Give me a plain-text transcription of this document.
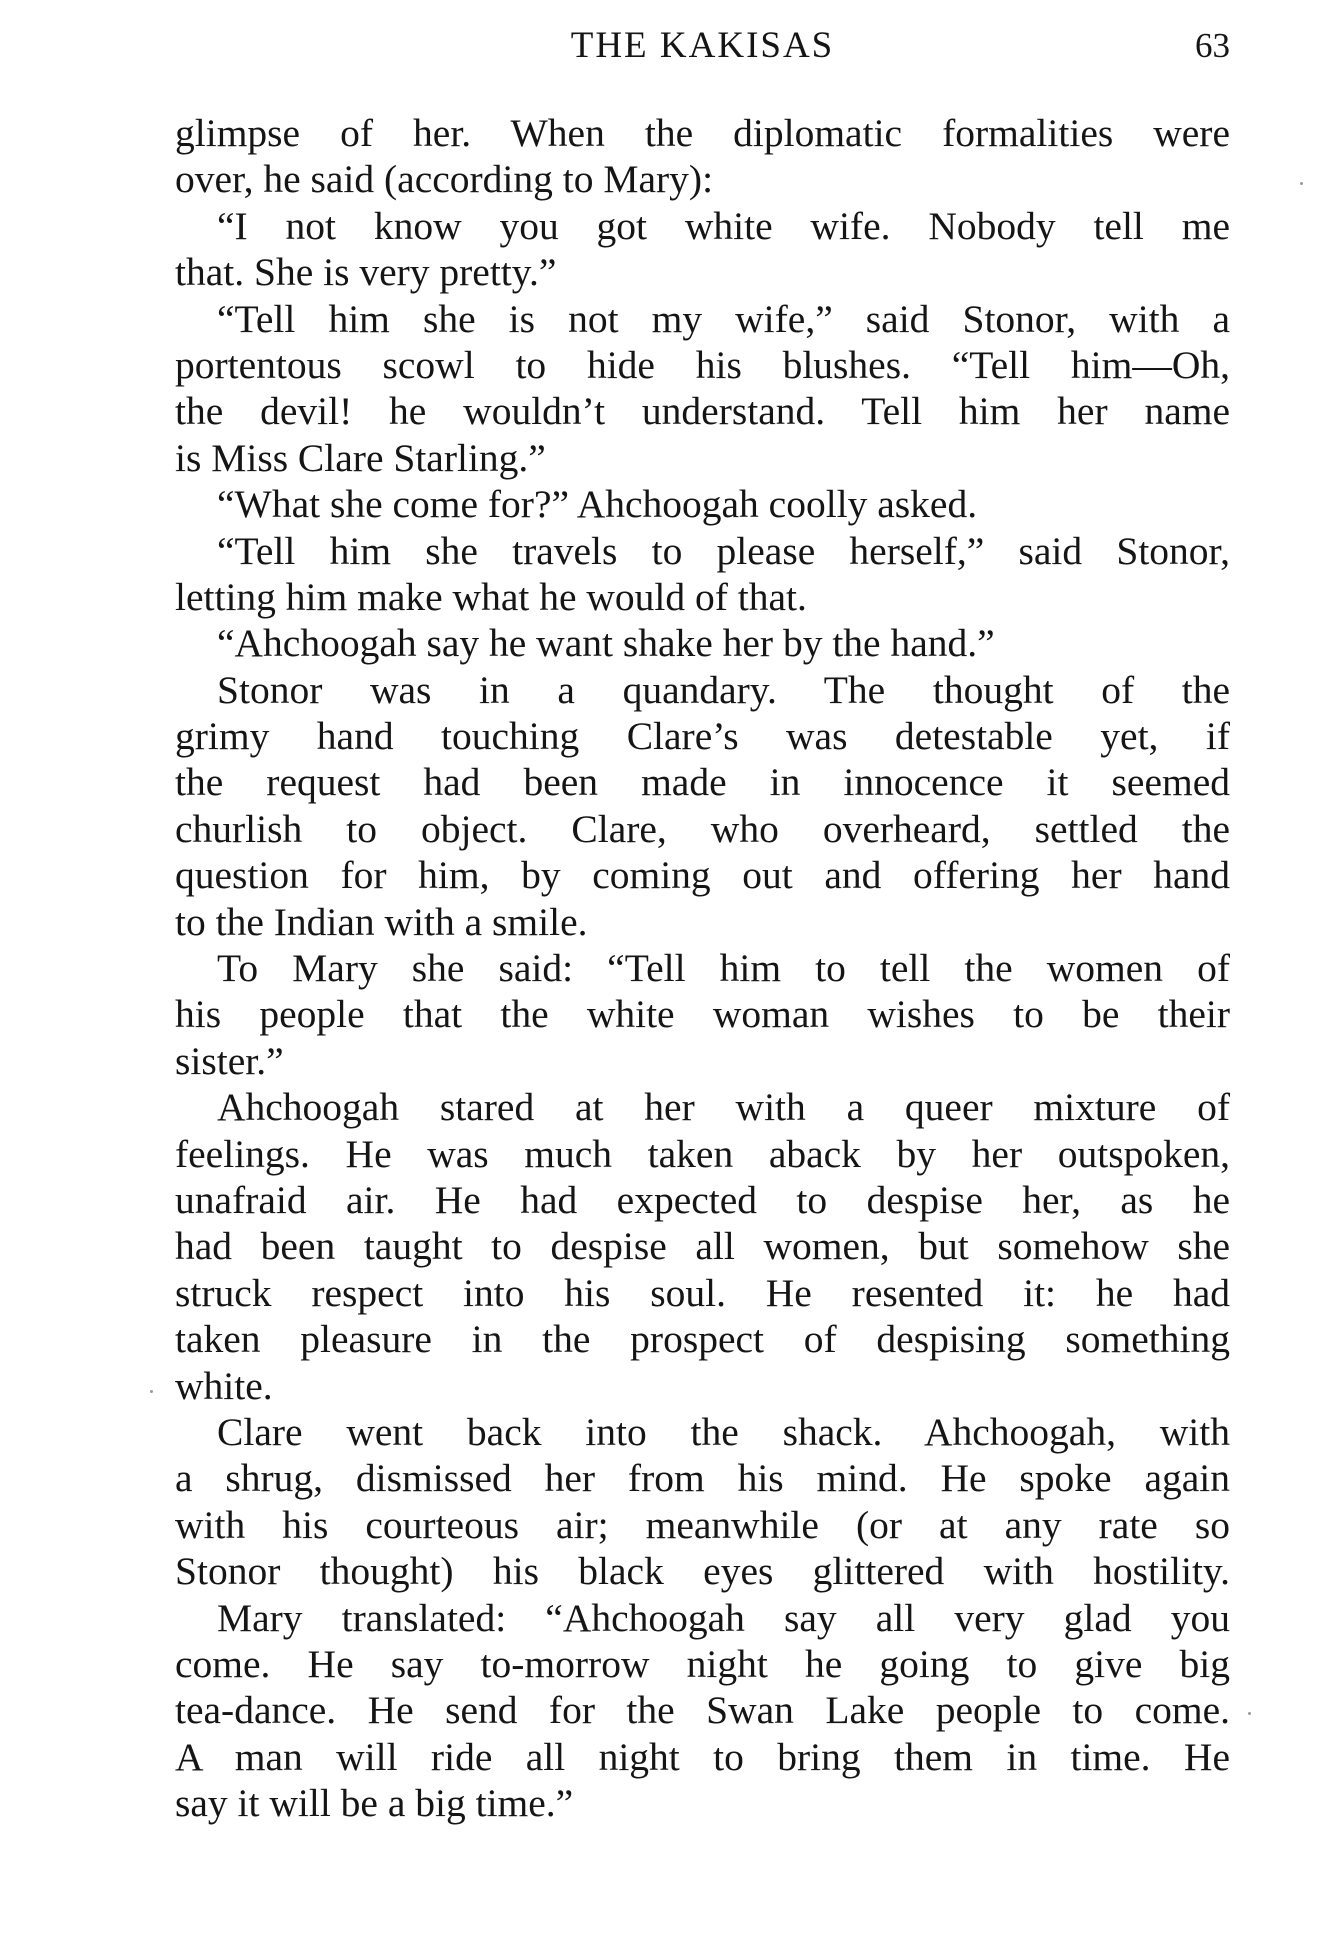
THE KAKISAS	63
glimpse of her. When the diplomatic formalities were
over, he said (according to Mary):
“I not know you got white wife. Nobody tell me
that. She is very pretty.”
“Tell him she is not my wife,” said Stonor, with a
portentous scowl to hide his blushes. “Tell him—Oh,
the devil! he wouldn’t understand. Tell him her name
is Miss Clare Starling.”
“What she come for?” Ahchoogah coolly asked.
“Tell him she travels to please herself,” said Stonor,
letting him make what he would of that.
“Ahchoogah say he want shake her by the hand.”
Stonor was in a quandary. The thought of the
grimy hand touching Clare’s was detestable yet, if
the request had been made in innocence it seemed
churlish to object. Clare, who overheard, settled the
question for him, by coming out and offering her hand
to the Indian with a smile.
To Mary she said: “Tell him to tell the women of
his people that the white woman wishes to be their
sister.”
Ahchoogah stared at her with a queer mixture of
feelings. He was much taken aback by her outspoken,
unafraid air. He had expected to despise her, as he
had been taught to despise all women, but somehow she
struck respect into his soul. He resented it: he had
taken pleasure in the prospect of despising something
white.
Clare went back into the shack. Ahchoogah, with
a shrug, dismissed her from his mind. He spoke again
with his courteous air; meanwhile (or at any rate so
Stonor thought) his black eyes glittered with hostility.
Mary translated: “Ahchoogah say all very glad you
come. He say to-morrow night he going to give big
tea-dance. He send for the Swan Lake people to come.
A man will ride all night to bring them in time. He
say it will be a big time.”
